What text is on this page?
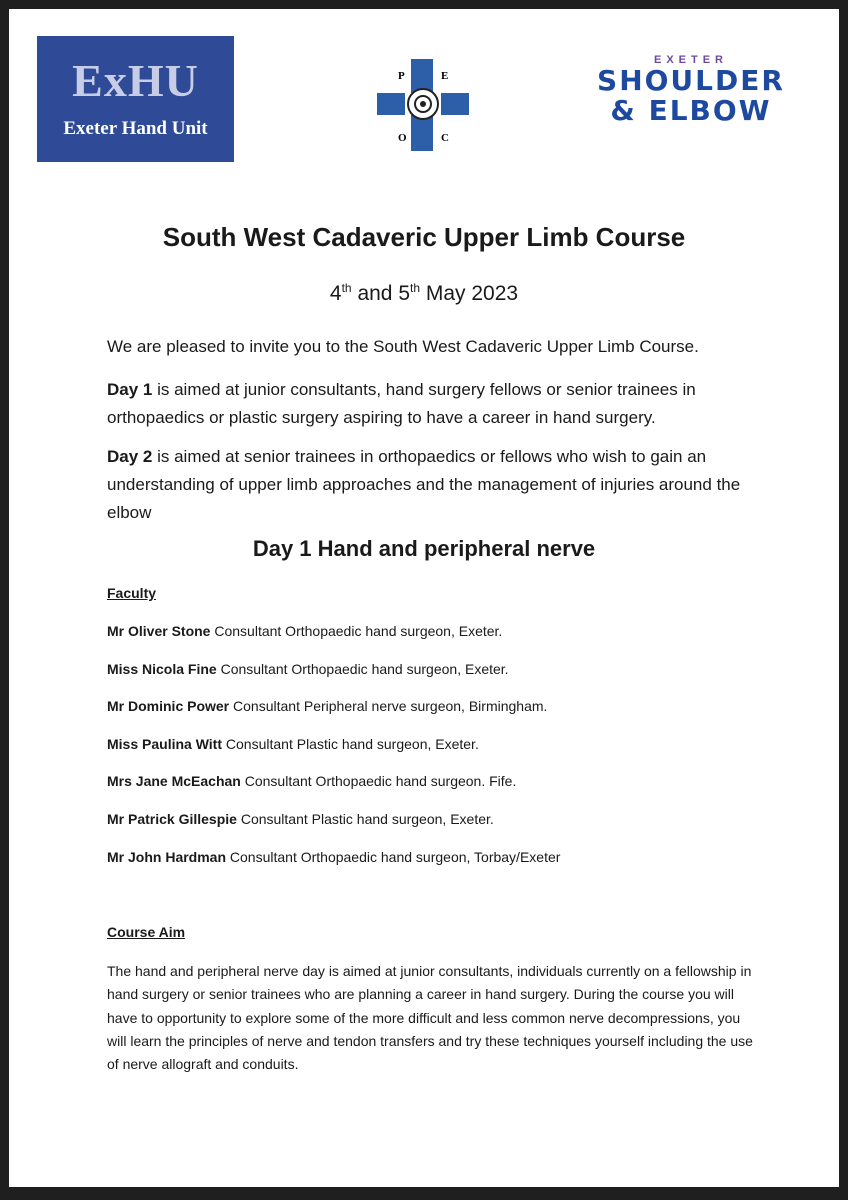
ExHU
Exeter Hand Unit
P	E
O	C
EXETER
SHOULDER
& ELBOW
South West Cadaveric Upper Limb Course
4th and 5th May 2023

We are pleased to invite you to the South West Cadaveric Upper Limb Course.

Day 1 is aimed at junior consultants, hand surgery fellows or senior trainees in orthopaedics or plastic surgery aspiring to have a career in hand surgery.

Day 2 is aimed at senior trainees in orthopaedics or fellows who wish to gain an understanding of upper limb approaches and the management of injuries around the elbow

Day 1 Hand and peripheral nerve
Faculty
Mr Oliver Stone Consultant Orthopaedic hand surgeon, Exeter.
Miss Nicola Fine Consultant Orthopaedic hand surgeon, Exeter.
Mr Dominic Power Consultant Peripheral nerve surgeon, Birmingham.
Miss Paulina Witt Consultant Plastic hand surgeon, Exeter.
Mrs Jane McEachan Consultant Orthopaedic hand surgeon. Fife.
Mr Patrick Gillespie Consultant Plastic hand surgeon, Exeter.
Mr John Hardman Consultant Orthopaedic hand surgeon, Torbay/Exeter
Course Aim

The hand and peripheral nerve day is aimed at junior consultants, individuals currently on a fellowship in hand surgery or senior trainees who are planning a career in hand surgery. During the course you will have to opportunity to explore some of the more difficult and less common nerve decompressions, you will learn the principles of nerve and tendon transfers and try these techniques yourself including the use of nerve allograft and conduits.
